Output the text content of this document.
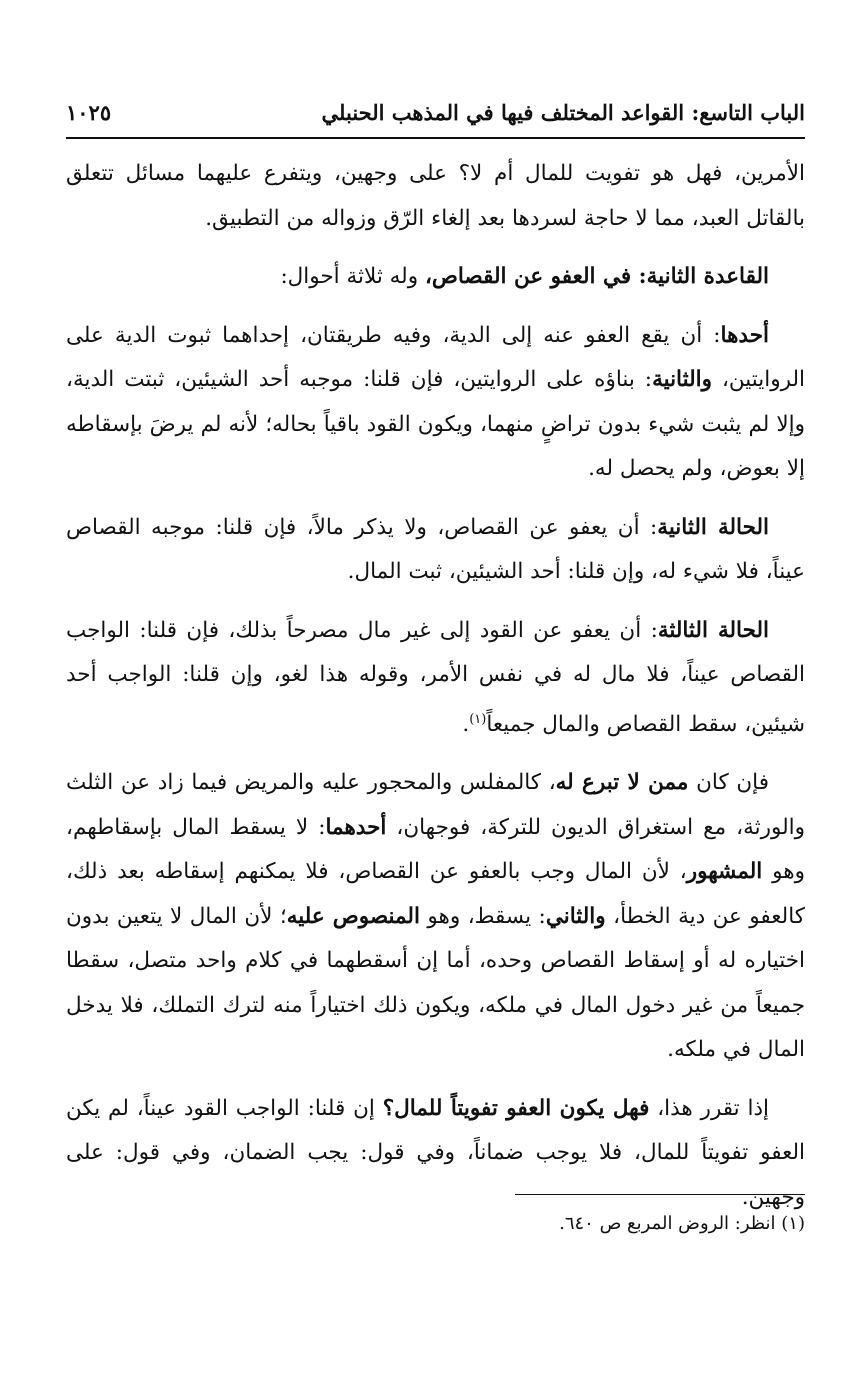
الباب التاسع: القواعد المختلف فيها في المذهب الحنبلي
١٠٢٥

الأمرين، فهل هو تفويت للمال أم لا؟ على وجهين، ويتفرع عليهما مسائل تتعلق بالقاتل العبد، مما لا حاجة لسردها بعد إلغاء الرّق وزواله من التطبيق.

القاعدة الثانية: في العفو عن القصاص، وله ثلاثة أحوال:

أحدها: أن يقع العفو عنه إلى الدية، وفيه طريقتان، إحداهما ثبوت الدية على الروايتين، والثانية: بناؤه على الروايتين، فإن قلنا: موجبه أحد الشيئين، ثبتت الدية، وإلا لم يثبت شيء بدون تراضٍ منهما، ويكون القود باقياً بحاله؛ لأنه لم يرضَ بإسقاطه إلا بعوض، ولم يحصل له.

الحالة الثانية: أن يعفو عن القصاص، ولا يذكر مالاً، فإن قلنا: موجبه القصاص عيناً، فلا شيء له، وإن قلنا: أحد الشيئين، ثبت المال.

الحالة الثالثة: أن يعفو عن القود إلى غير مال مصرحاً بذلك، فإن قلنا: الواجب القصاص عيناً، فلا مال له في نفس الأمر، وقوله هذا لغو، وإن قلنا: الواجب أحد شيئين، سقط القصاص والمال جميعاً$^{(١)}$.

فإن كان ممن لا تبرع له، كالمفلس والمحجور عليه والمريض فيما زاد عن الثلث والورثة، مع استغراق الديون للتركة، فوجهان، أحدهما: لا يسقط المال بإسقاطهم، وهو المشهور، لأن المال وجب بالعفو عن القصاص، فلا يمكنهم إسقاطه بعد ذلك، كالعفو عن دية الخطأ، والثاني: يسقط، وهو المنصوص عليه؛ لأن المال لا يتعين بدون اختياره له أو إسقاط القصاص وحده، أما إن أسقطهما في كلام واحد متصل، سقطا جميعاً من غير دخول المال في ملكه، ويكون ذلك اختياراً منه لترك التملك، فلا يدخل المال في ملكه.

إذا تقرر هذا، فهل يكون العفو تفويتاً للمال؟ إن قلنا: الواجب القود عيناً، لم يكن العفو تفويتاً للمال، فلا يوجب ضماناً، وفي قول: يجب الضمان، وفي قول: على وجهين.

(١) انظر: الروض المربع ص ٦٤٠.
